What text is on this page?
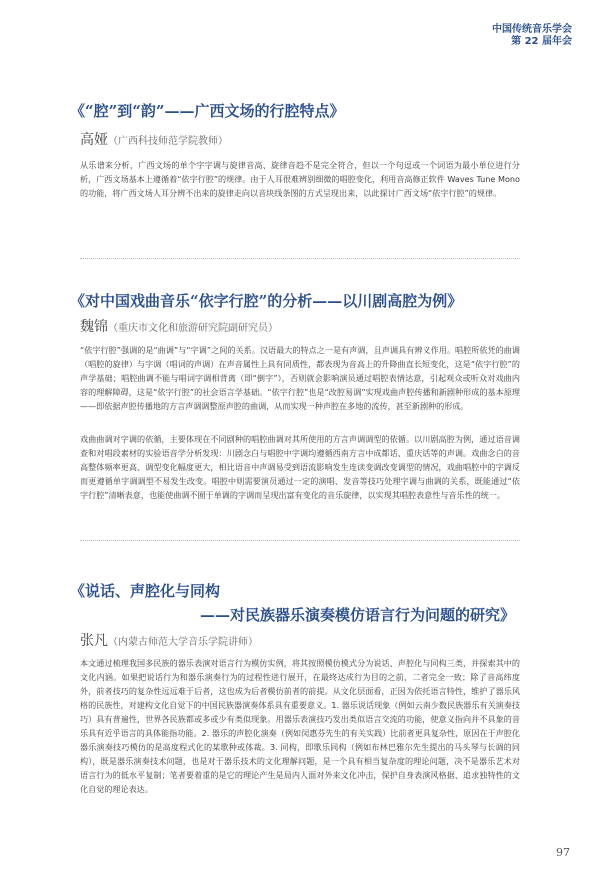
中国传统音乐学会
第 22 届年会
《“腔”到“韵”——广西文场的行腔特点》
高娅（广西科技师范学院教师）

从乐谱来分析，广西文场的单个字字调与旋律音高、旋律音趋不是完全符合，但以一个句逗或一个词语为最小单位进行分析，广西文场基本上遵循着“依字行腔”的规律。由于人耳很难辨别细微的唱腔变化，利用音高修正软件 Waves Tune Mono 的功能，将广西文场人耳分辨不出来的旋律走向以音块线条图的方式呈现出来，以此探讨广西文场“依字行腔”的规律。

《对中国戏曲音乐“依字行腔”的分析——以川剧高腔为例》
魏锦（重庆市文化和旅游研究院副研究员）

“依字行腔”强调的是“曲调”与“字调”之间的关系。汉语最大的特点之一是有声调，且声调具有辨义作用。唱腔所依凭的曲调（唱腔的旋律）与字调（唱词的声调）在声音属性上具有同质性，都表现为音高上的升降曲直长短变化，这是“依字行腔”的声学基础；唱腔曲调不能与唱词字调相背离（即“倒字”），否则就会影响演员通过唱腔表情达意，引起观众或听众对戏曲内容的理解障碍，这是“依字行腔”的社会语言学基础。“依字行腔”也是“改腔易调”实现戏曲声腔传播和新剧种形成的基本原理——即依据声腔传播地的方言声调调整原声腔的曲调，从而实现一种声腔在多地的流传，甚至新剧种的形成。

戏曲曲调对字调的依循，主要体现在不同剧种的唱腔曲调对其所使用的方言声调调型的依循。以川剧高腔为例，通过语音调查和对唱段素材的实验语音学分析发现：川剧念白与唱腔中字调均遵循西南方言中成都话、重庆话等的声调。戏曲念白的音高整体频率更高、调型变化幅度更大，相比语音中声调易受到语流影响发生连读变调改变调型的情况，戏曲唱腔中的字调反而更遵循单字调调型不易发生改变。唱腔中则需要演员通过一定的演唱、发音等技巧处理字调与曲调的关系，既能通过“依字行腔”清晰表意，也能使曲调不囿于单调的字调而呈现出富有变化的音乐旋律，以实现其唱腔表意性与音乐性的统一。

《说话、声腔化与同构
——对民族器乐演奏模仿语言行为问题的研究》
张凡（内蒙古师范大学音乐学院讲师）

本文通过梳理我国多民族的器乐表演对语言行为模仿实例，将其按照模仿模式分为说话、声腔化与同构三类，并探索其中的文化内涵。如果把说话行为和器乐演奏行为的过程性进行展开，在最终达成行为目的之前，二者完全一致；除了音高纬度外，前者技巧的复杂性远远难于后者，这也成为后者模仿前者的前提。从文化层面看，正因为依托语言特性，维护了器乐风格的民族性，对建构文化自觉下的中国民族器演奏体系具有重要意义。1. 器乐说话现象（例如云南少数民族器乐有关演奏技巧）具有普遍性，世界各民族都或多或少有类似现象。用器乐表演技巧发出类似语言交流的功能，使意义指向并不具象的音乐具有近乎语言的具体能指功能。2. 器乐的声腔化演奏（例如闵惠芬先生的有关实践）比前者更具复杂性，原因在于声腔化器乐演奏技巧模仿的是高度程式化的某歌种或体裁。3. 同构，即歌乐同构（例如布林巴雅尔先生提出的马头琴与长调的同构），既是器乐演奏技术问题，也是对于器乐技术的文化理解问题，是一个具有相当复杂度的理论问题，决不是器乐艺术对语言行为的低水平复制；笔者要着重的是它的理论产生是局内人面对外来文化冲击，保护自身表演风格据、追求独特性的文化自觉的理论表达。

97
